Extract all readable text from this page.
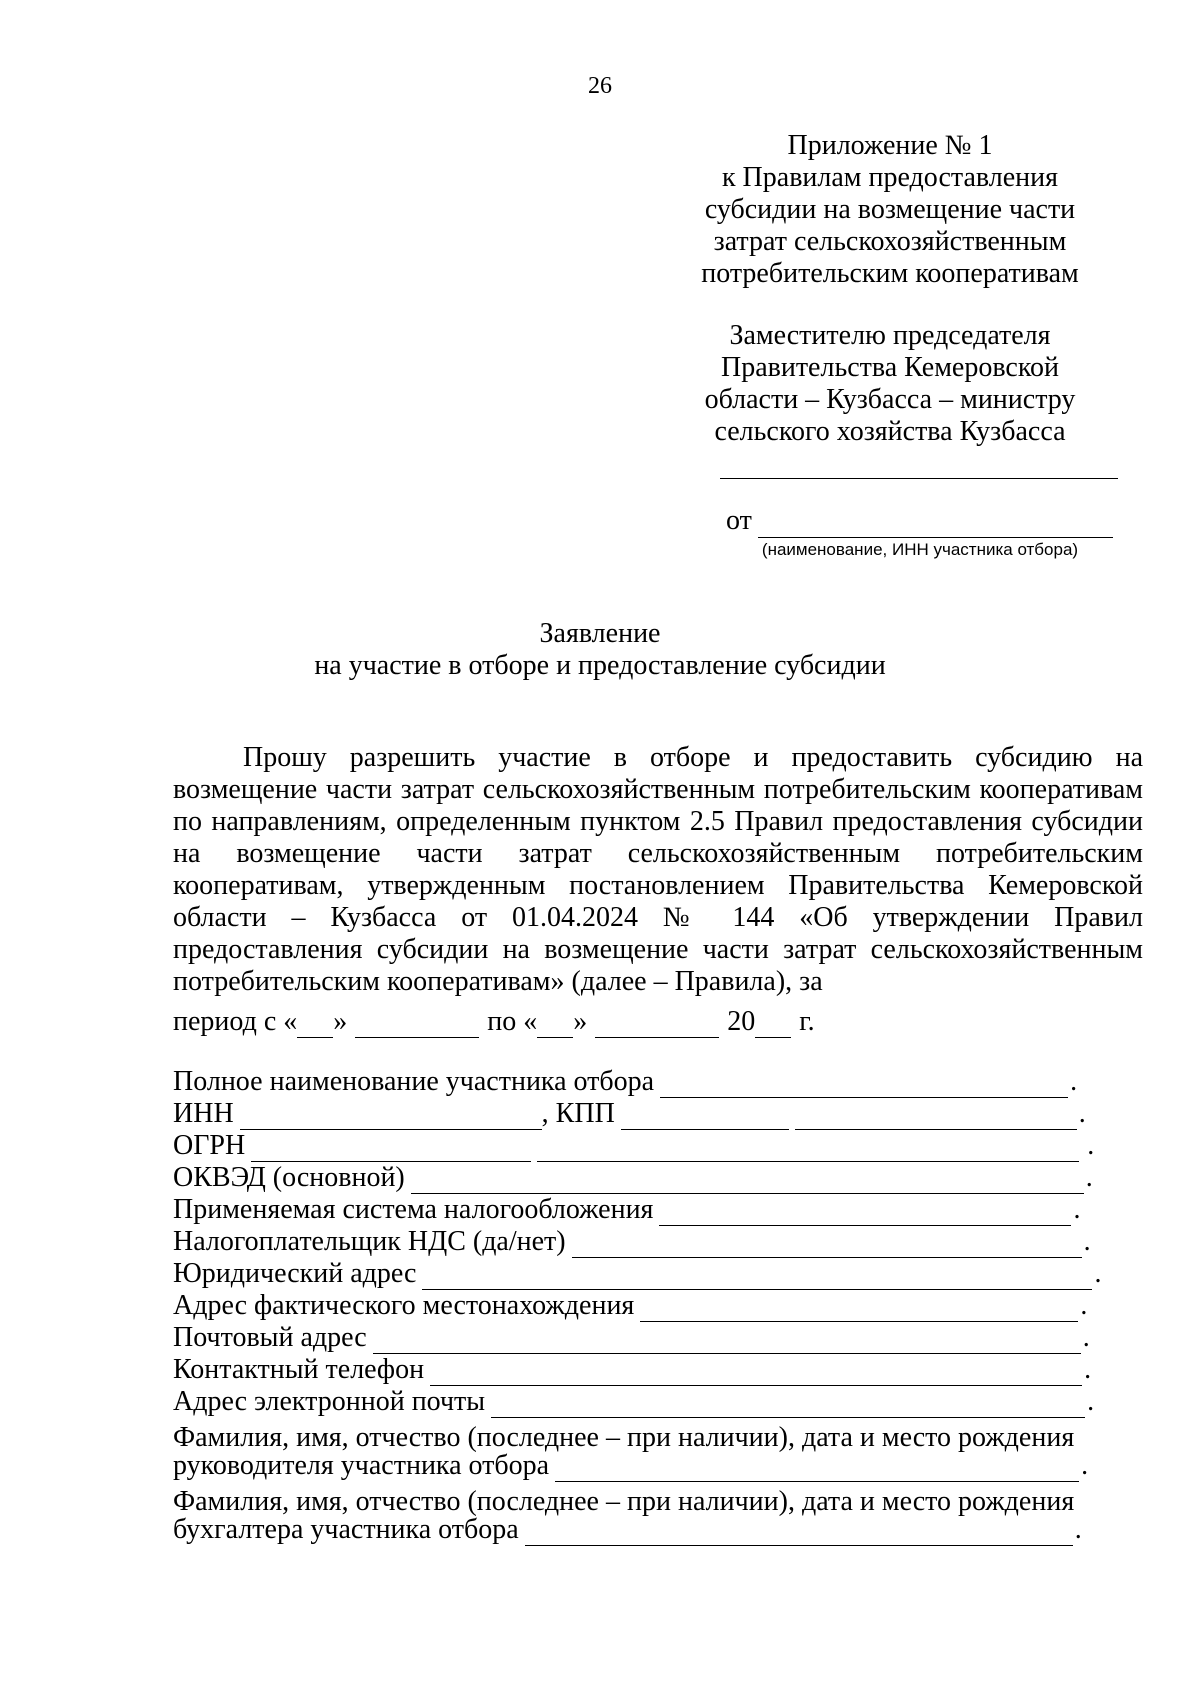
26
Приложение № 1
к Правилам предоставления
субсидии на возмещение части
затрат сельскохозяйственным
потребительским кооперативам
Заместителю председателя
Правительства Кемеровской
области – Кузбасса – министру
сельского хозяйства Кузбасса
от
(наименование, ИНН участника отбора)
Заявление
на участие в отборе и предоставление субсидии

Прошу разрешить участие в отборе и предоставить субсидию на возмещение части затрат сельскохозяйственным потребительским кооперативам по направлениям, определенным пунктом 2.5 Правил предоставления субсидии на возмещение части затрат сельскохозяйственным потребительским кооперативам, утвержденным постановлением Правительства Кемеровской области – Кузбасса от 01.04.2024 № 144 «Об утверждении Правил предоставления субсидии на возмещение части затрат сельскохозяйственным потребительским кооперативам» (далее – Правила), за

период с « »	по « »	20 г.
Полное наименование участника отбора	.
ИНН	, КПП	.
ОГРН	.
ОКВЭД (основной)	.
Применяемая система налогообложения	.
Налогоплательщик НДС (да/нет)	.
Юридический адрес	.
Адрес фактического местонахождения	.
Почтовый адрес	.
Контактный телефон	.
Адрес электронной почты	.

Фамилия, имя, отчество (последнее – при наличии), дата и место рождения

руководителя участника отбора	.

Фамилия, имя, отчество (последнее – при наличии), дата и место рождения

бухгалтера участника отбора	.
